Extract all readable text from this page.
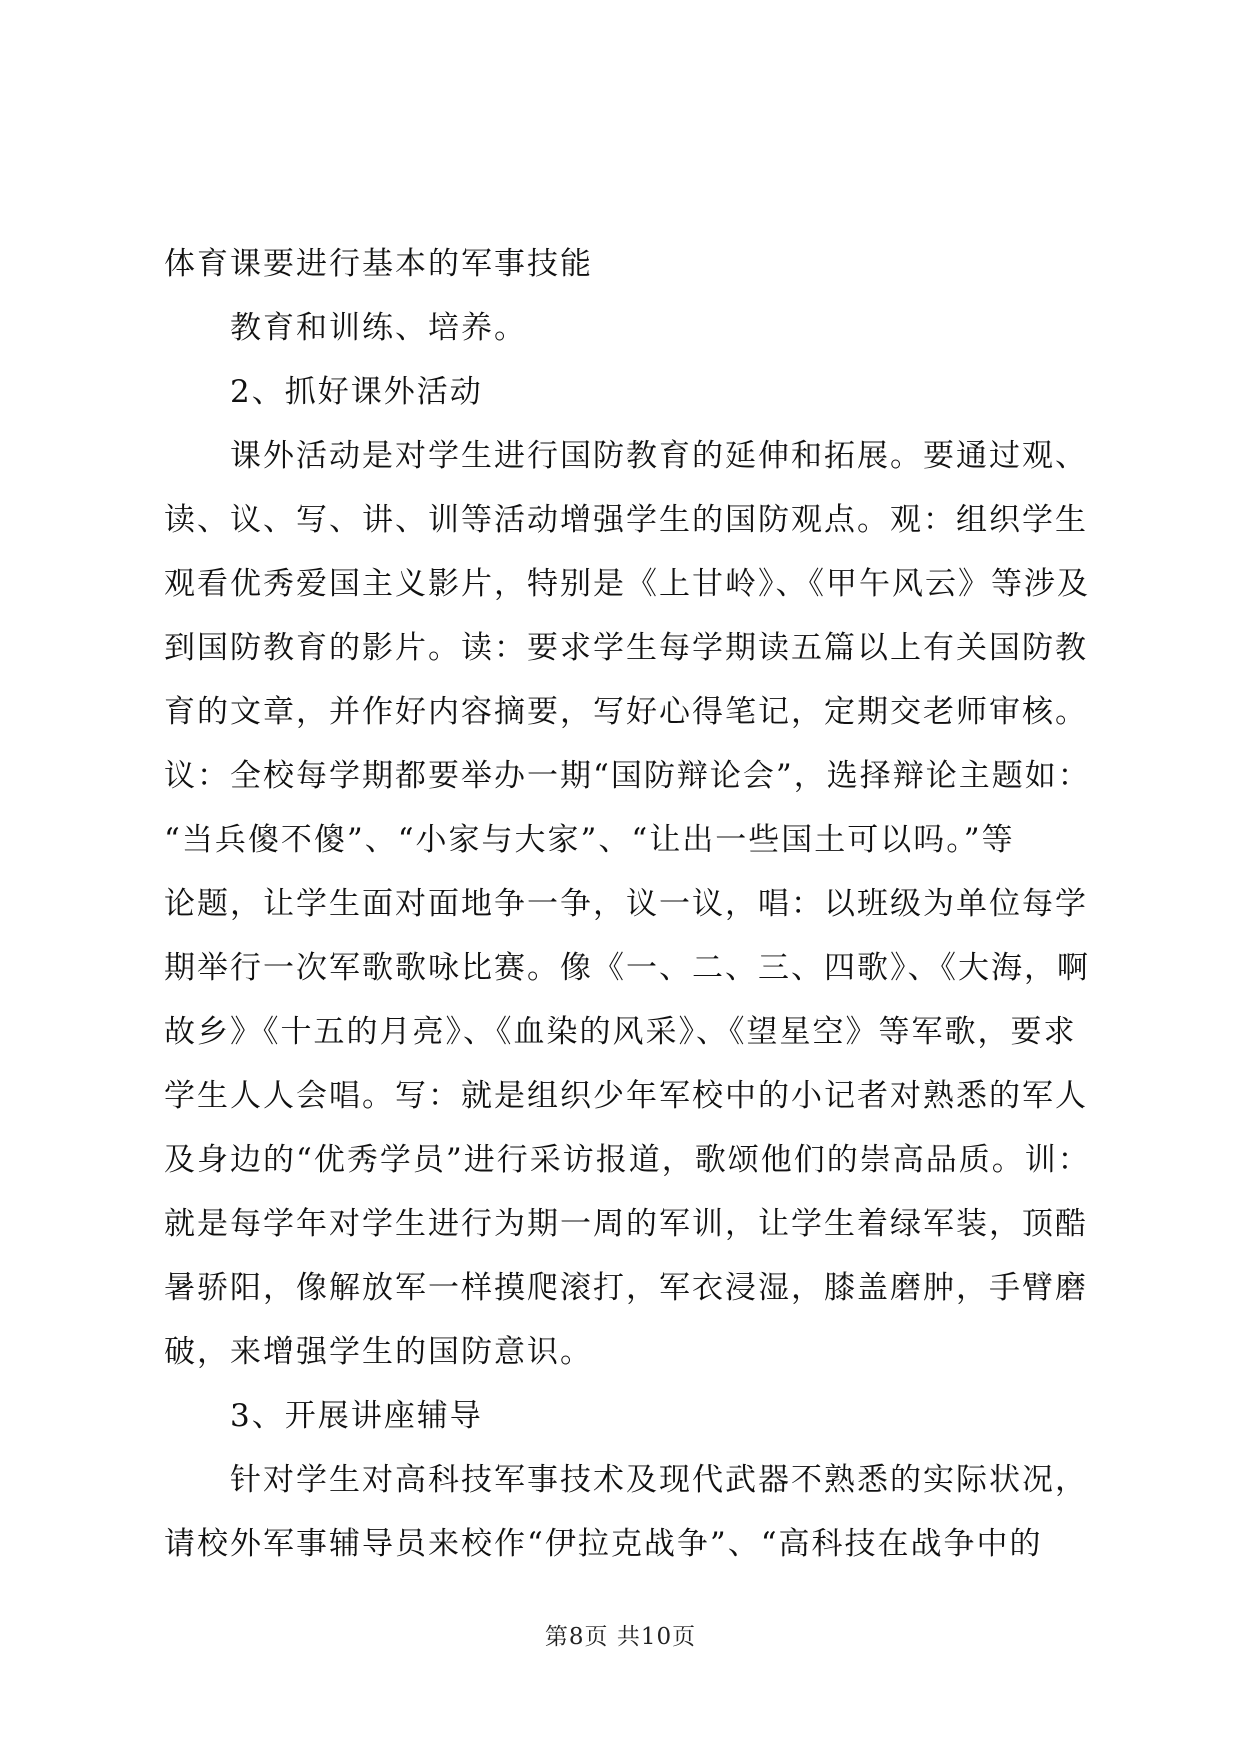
体育课要进行基本的军事技能
教育和训练、培养。
2、抓好课外活动
课外活动是对学生进行国防教育的延伸和拓展。要通过观、
读、议、写、讲、训等活动增强学生的国防观点。观：组织学生
观看优秀爱国主义影片，特别是《上甘岭》、《甲午风云》等涉及
到国防教育的影片。读：要求学生每学期读五篇以上有关国防教
育的文章，并作好内容摘要，写好心得笔记，定期交老师审核。
议：全校每学期都要举办一期“国防辩论会”，选择辩论主题如：
“当兵傻不傻”、“小家与大家”、“让出一些国土可以吗。”等
论题，让学生面对面地争一争，议一议，唱：以班级为单位每学
期举行一次军歌歌咏比赛。像《一、二、三、四歌》、《大海，啊
故乡》《十五的月亮》、《血染的风采》、《望星空》等军歌，要求
学生人人会唱。写：就是组织少年军校中的小记者对熟悉的军人
及身边的“优秀学员”进行采访报道，歌颂他们的崇高品质。训：
就是每学年对学生进行为期一周的军训，让学生着绿军装，顶酷
暑骄阳，像解放军一样摸爬滚打，军衣浸湿，膝盖磨肿，手臂磨
破，来增强学生的国防意识。
3、开展讲座辅导
针对学生对高科技军事技术及现代武器不熟悉的实际状况，
请校外军事辅导员来校作“伊拉克战争”、“高科技在战争中的
第8页 共10页
